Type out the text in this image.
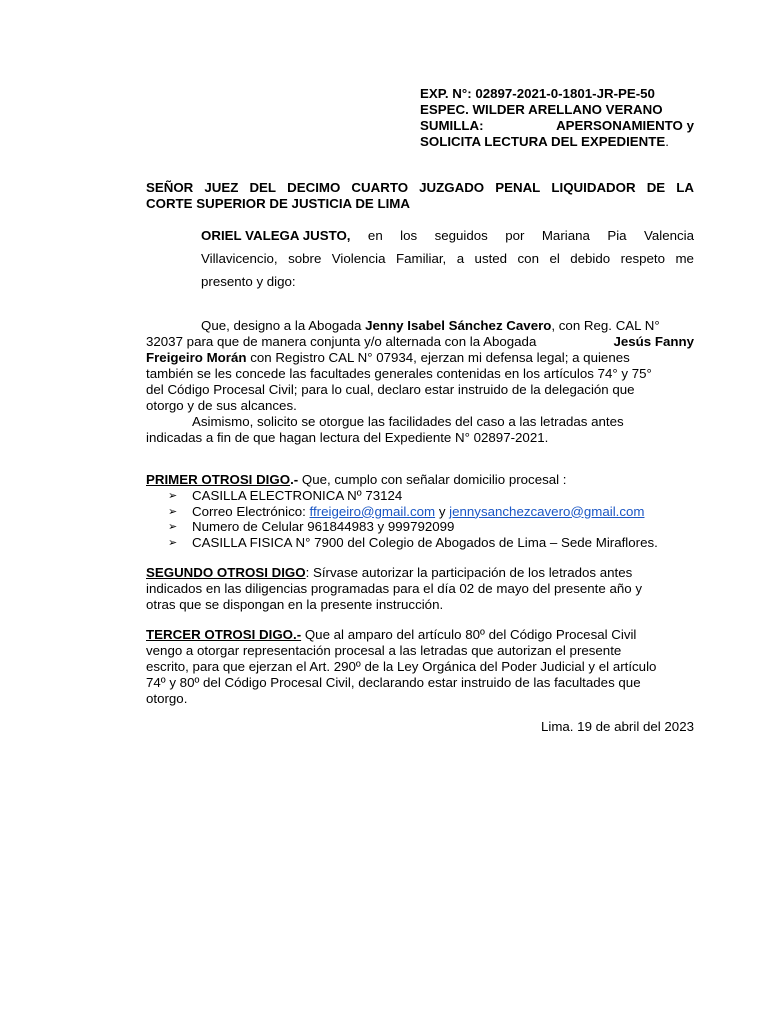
EXP. N°: 02897-2021-0-1801-JR-PE-50
ESPEC. WILDER ARELLANO VERANO
SUMILLA:	APERSONAMIENTO y
SOLICITA LECTURA DEL EXPEDIENTE.
SEÑOR JUEZ DEL DECIMO CUARTO JUZGADO PENAL LIQUIDADOR DE LA
CORTE SUPERIOR DE JUSTICIA DE LIMA
ORIEL VALEGA JUSTO, en los seguidos por Mariana Pia Valencia
Villavicencio, sobre Violencia Familiar, a usted con el debido respeto me
presento y digo:
Que, designo a la Abogada Jenny Isabel Sánchez Cavero, con Reg. CAL N°
32037 para que de manera conjunta y/o alternada con la Abogada	Jesús Fanny
Freigeiro Morán con Registro CAL N° 07934, ejerzan mi defensa legal; a quienes
también se les concede las facultades generales contenidas en los artículos 74° y 75°
del Código Procesal Civil; para lo cual, declaro estar instruido de la delegación que
otorgo y de sus alcances.
Asimismo, solicito se otorgue las facilidades del caso a las letradas antes
indicadas a fin de que hagan lectura del Expediente N° 02897-2021.
PRIMER OTROSI DIGO.- Que, cumplo con señalar domicilio procesal :
➢	CASILLA ELECTRONICA Nº 73124
➢	Correo Electrónico: ffreigeiro@gmail.com y jennysanchezcavero@gmail.com
➢	Numero de Celular 961844983 y 999792099
➢	CASILLA FISICA N° 7900 del Colegio de Abogados de Lima – Sede Miraflores.
SEGUNDO OTROSI DIGO: Sírvase autorizar la participación de los letrados antes
indicados en las diligencias programadas para el día 02 de mayo del presente año y
otras que se dispongan en la presente instrucción.
TERCER OTROSI DIGO.- Que al amparo del artículo 80º del Código Procesal Civil
vengo a otorgar representación procesal a las letradas que autorizan el presente
escrito, para que ejerzan el Art. 290º de la Ley Orgánica del Poder Judicial y el artículo
74º y 80º del Código Procesal Civil, declarando estar instruido de las facultades que
otorgo.
Lima. 19 de abril del 2023
